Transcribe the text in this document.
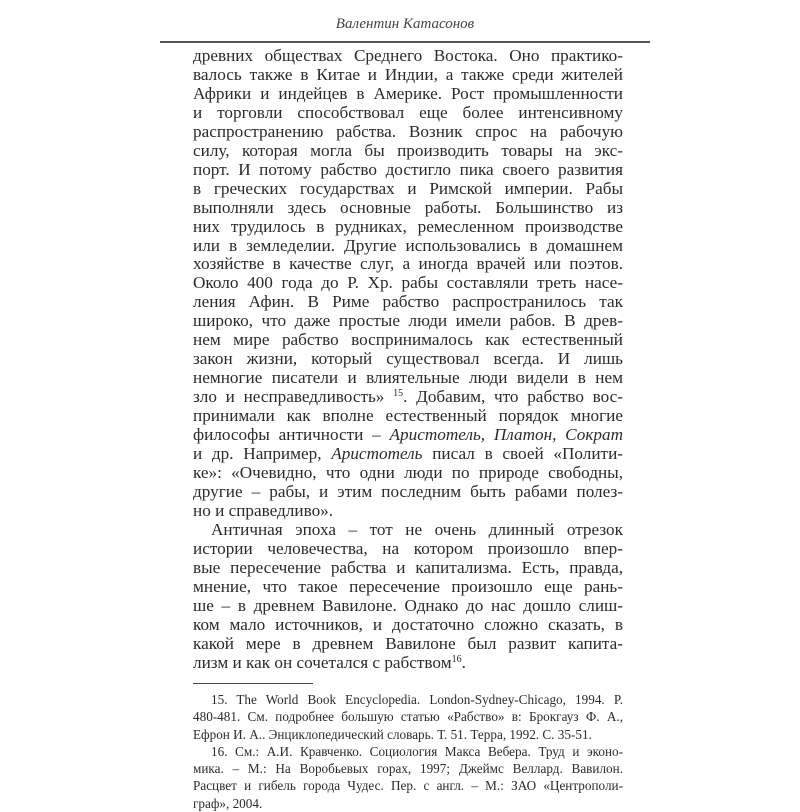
Валентин Катасонов
древних обществах Среднего Востока. Оно практико-
валось также в Китае и Индии, а также среди жителей
Африки и индейцев в Америке. Рост промышленности
и торговли способствовал еще более интенсивному
распространению рабства. Возник спрос на рабочую
силу, которая могла бы производить товары на экс-
порт. И потому рабство достигло пика своего развития
в греческих государствах и Римской империи. Рабы
выполняли здесь основные работы. Большинство из
них трудилось в рудниках, ремесленном производстве
или в земледелии. Другие использовались в домашнем
хозяйстве в качестве слуг, а иногда врачей или поэтов.
Около 400 года до Р. Хр. рабы составляли треть насе-
ления Афин. В Риме рабство распространилось так
широко, что даже простые люди имели рабов. В древ-
нем мире рабство воспринималось как естественный
закон жизни, который существовал всегда. И лишь
немногие писатели и влиятельные люди видели в нем
зло и несправедливость» $^{15}$. Добавим, что рабство вос-
принимали как вполне естественный порядок многие
философы античности – Аристотель, Платон, Сократ
и др. Например, Аристотель писал в своей «Полити-
ке»: «Очевидно, что одни люди по природе свободны,
другие – рабы, и этим последним быть рабами полез-
но и справедливо».
Античная эпоха – тот не очень длинный отрезок
истории человечества, на котором произошло впер-
вые пересечение рабства и капитализма. Есть, правда,
мнение, что такое пересечение произошло еще рань-
ше – в древнем Вавилоне. Однако до нас дошло слиш-
ком мало источников, и достаточно сложно сказать, в
какой мере в древнем Вавилоне был развит капита-
лизм и как он сочетался с рабством$^{16}$.
15. The World Book Encyclopedia. London-Sydney-Chicago, 1994. P.
480-481. См. подробнее большую статью «Рабство» в: Брокгауз Ф. А.,
Ефрон И. А.. Энциклопедический словарь. Т. 51. Терра, 1992. С. 35-51.
16. См.: А.И. Кравченко. Социология Макса Вебера. Труд и эконо-
мика. – М.: На Воробьевых горах, 1997; Джеймс Веллард. Вавилон.
Расцвет и гибель города Чудес. Пер. с англ. – М.: ЗАО «Центрополи-
граф», 2004.
